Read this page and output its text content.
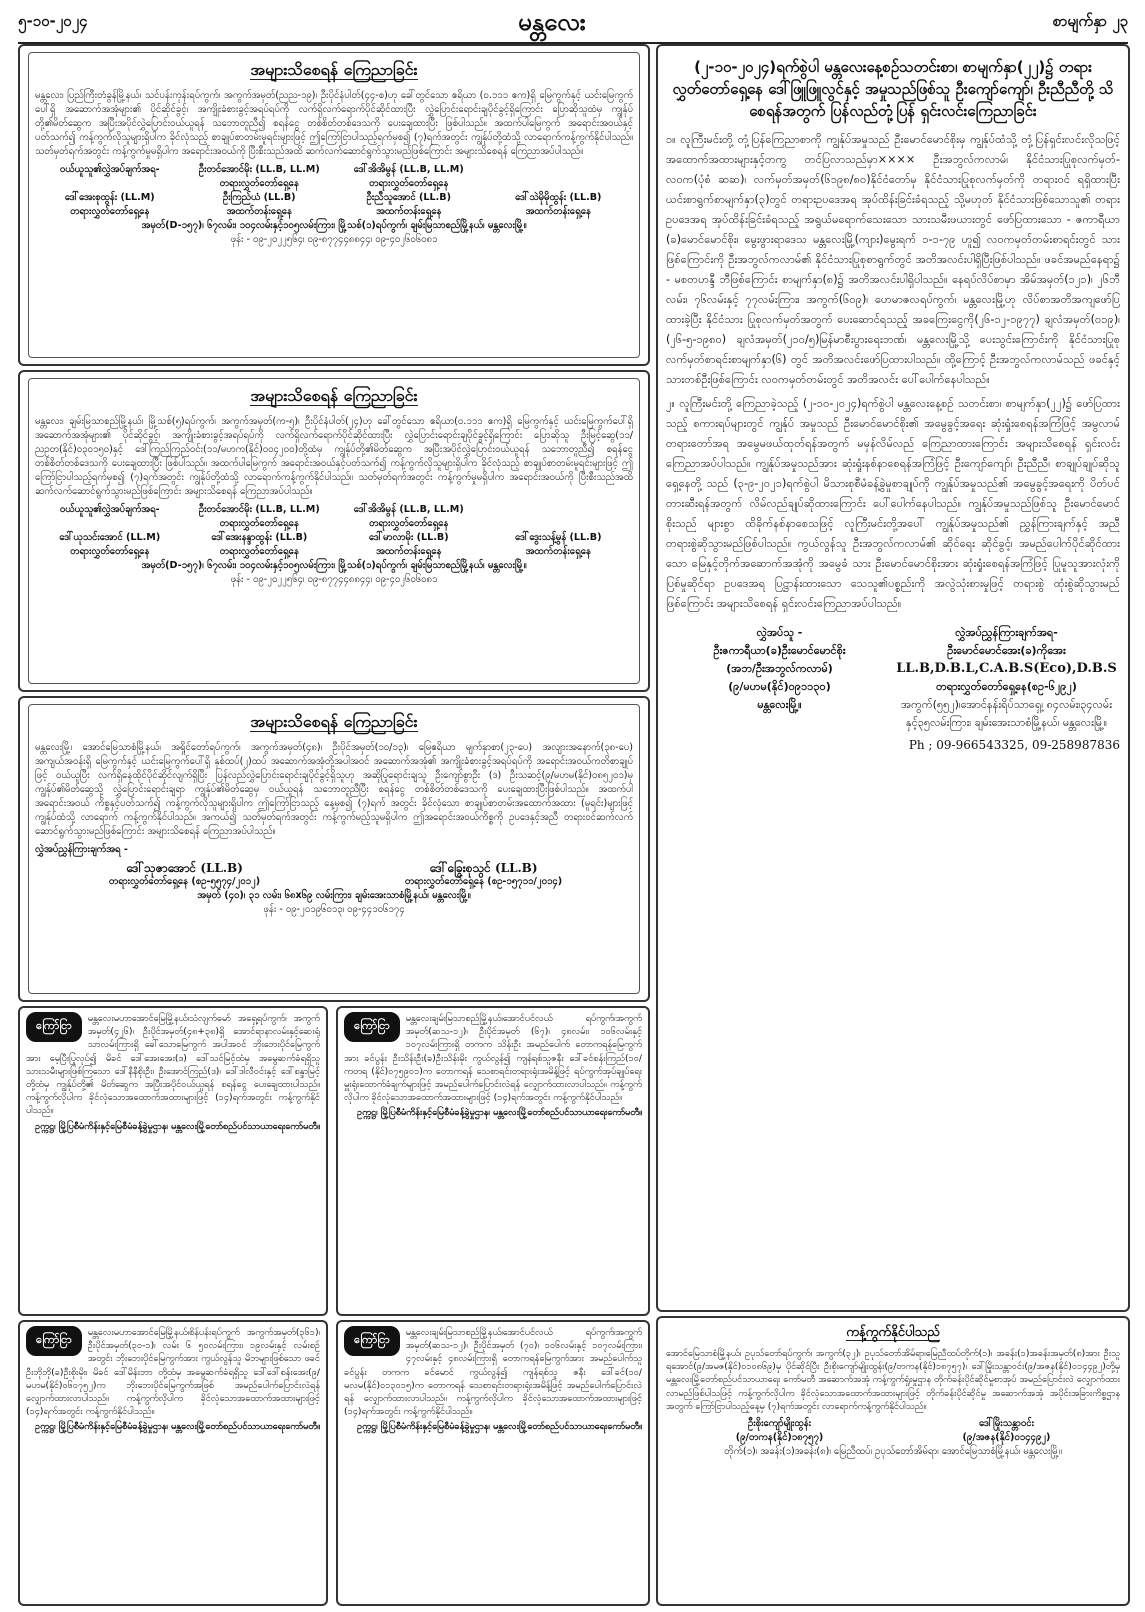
၅-၁၀-၂၀၂၄	မန္တလေး	စာမျက်နှာ ၂၃
အများသိစေရန် ကြေညာခြင်း
မန္တလေး၊ ပြည်ကြီးတံခွန်မြို့နယ်၊ သင်ပန်းကုန်းရပ်ကွက်၊ အကွက်အမှတ်(ညည-၁၉)၊ ဦးပိုင်နံပါတ်(၄၄-စ)ဟု ခေါ်တွင်သော ဧရိယာ (၀.၁၁၁ ဧက)ရှိ မြေကွက်နှင့် ယင်းမြေကွက်ပေါ်ရှိ အဆောက်အအုံများ၏ ပိုင်ဆိုင်ခွင့်၊ အကျိုးခံစားခွင့်အရပ်ရပ်ကို လက်ရှိလက်ရောက်ပိုင်ဆိုင်ထားပြီး လွှဲပြောင်းရောင်းချပိုင်ခွင့်ရှိကြောင်း ပြောဆိုသူထံမှ ကျွန်ုပ်တို့၏မိတ်ဆွေက အပြီးအပိုင်လွှဲပြောင်းဝယ်ယူရန် သဘောတူညီ၍ စရန်ငွေ တစ်စိတ်တစ်ဒေသကို ပေးချေထားပြီး ဖြစ်ပါသည်။ အထက်ပါမြေကွက် အရောင်းအဝယ်နှင့်ပတ်သက်၍ ကန့်ကွက်လိုသူများရှိပါက ခိုင်လုံသည့် စာချုပ်စာတမ်းမူရင်းများဖြင့် ဤကြော်ငြာပါသည့်ရက်မှစ၍ (၇)ရက်အတွင်း ကျွန်ုပ်တို့ထံသို့ လာရောက်ကန့်ကွက်နိုင်ပါသည်။ သတ်မှတ်ရက်အတွင်း ကန့်ကွက်မှုမရှိပါက အရောင်းအဝယ်ကို ပြီးစီးသည်အထိ ဆက်လက်ဆောင်ရွက်သွားမည်ဖြစ်ကြောင်း အများသိစေရန် ကြေညာအပ်ပါသည်။
ဝယ်ယူသူ၏လွှဲအပ်ချက်အရ-	ဦးတင်အောင်မိုး (LL.B, LL.M)	ဒေါ်အိအိမွန် (LL.B, LL.M)
တရားလွှတ်တော်ရှေ့နေ	တရားလွှတ်တော်ရှေ့နေ
ဒေါ်အေးစုထွန်း (LL.M)	ဦးကြည်ယံ (LL.B)	ဦးညီသူအောင် (LL.B)	ဒေါ်သဲမိုမိုထွန်း (LL.B)
တရားလွှတ်တော်ရှေ့နေ	အထက်တန်းရှေ့နေ	အထက်တန်းရှေ့နေ	အထက်တန်းရှေ့နေ
အမှတ်(D-၁၅၇)၊ ၆၇လမ်း၊ ၁၀၄လမ်းနှင့်၁၀၅လမ်းကြား၊ မြို့သစ်(၁)ရပ်ကွက်၊ ချမ်းမြသာစည်မြို့နယ်၊ မန္တလေးမြို့။
ဖုန်း - ၀၉-၂၀၂၂၅၆၄၊ ၀၉-၈၇၇၄၄၈၈၄၄၊ ၀၉-၄၀၂၆၀၆၀၈၁
အများသိစေရန် ကြေညာခြင်း
မန္တလေး၊ ချမ်းမြသာစည်မြို့နယ်၊ မြို့သစ်(၅)ရပ်ကွက်၊ အကွက်အမှတ်(က-၅)၊ ဦးပိုင်နံပါတ်(၂၄)ဟု ခေါ်တွင်သော ဧရိယာ(၀.၁၁၁ ဧက)ရှိ မြေကွက်နှင့် ယင်းမြေကွက်ပေါ်ရှိ အဆောက်အအုံများ၏ ပိုင်ဆိုင်ခွင့်၊ အကျိုးခံစားခွင့်အရပ်ရပ်ကို လက်ရှိလက်ရောက်ပိုင်ဆိုင်ထားပြီး လွှဲပြောင်းရောင်းချပိုင်ခွင့်ရှိကြောင်း ပြောဆိုသူ ဦးမြင့်ဆွေ(၁၁/ညဥတ(နိုင်)၀၃၀၁၅၀)နှင့် ဒေါ်ကြည်ကြည်ဝင်း(၁၁/မဟက(နိုင်)၀၀၄၂၀၀)တို့ထံမှ ကျွန်ုပ်တို့၏မိတ်ဆွေက အပြီးအပိုင်လွှဲပြောင်းဝယ်ယူရန် သဘောတူညီ၍ စရန်ငွေ တစ်စိတ်တစ်ဒေသကို ပေးချေထားပြီး ဖြစ်ပါသည်။ အထက်ပါမြေကွက် အရောင်းအဝယ်နှင့်ပတ်သက်၍ ကန့်ကွက်လိုသူများရှိပါက ခိုင်လုံသည့် စာချုပ်စာတမ်းမူရင်းများဖြင့် ဤကြော်ငြာပါသည့်ရက်မှစ၍ (၇)ရက်အတွင်း ကျွန်ုပ်တို့ထံသို့ လာရောက်ကန့်ကွက်နိုင်ပါသည်။ သတ်မှတ်ရက်အတွင်း ကန့်ကွက်မှုမရှိပါက အရောင်းအဝယ်ကို ပြီးစီးသည်အထိ ဆက်လက်ဆောင်ရွက်သွားမည်ဖြစ်ကြောင်း အများသိစေရန် ကြေညာအပ်ပါသည်။
ဝယ်ယူသူ၏လွှဲအပ်ချက်အရ-	ဦးတင်အောင်မိုး (LL.B, LL.M)	ဒေါ်အိအိမွန် (LL.B, LL.M)
တရားလွှတ်တော်ရှေ့နေ	တရားလွှတ်တော်ရှေ့နေ
ဒေါ်ယုသင်းအောင် (LL.M)	ဒေါ်အေးနန္ဒာထွန်း (LL.B)	ဒေါ်မာလာမိုး (LL.B)	ဒေါ်ဒွေးသန့်မွန် (LL.B)
တရားလွှတ်တော်ရှေ့နေ	တရားလွှတ်တော်ရှေ့နေ	အထက်တန်းရှေ့နေ	အထက်တန်းရှေ့နေ
အမှတ်(D-၁၅၇)၊ ၆၇လမ်း၊ ၁၀၄လမ်းနှင့်၁၀၅လမ်းကြား၊ မြို့သစ်(၁)ရပ်ကွက်၊ ချမ်းမြသာစည်မြို့နယ်၊ မန္တလေးမြို့။
ဖုန်း - ၀၉-၂၀၂၂၅၆၄၊ ၀၉-၈၇၇၄၄၈၈၄၄၊ ၀၉-၄၀၂၆၀၆၀၈၁
အများသိစေရန် ကြေညာခြင်း
မန္တလေးမြို့၊ အောင်မြေသာစံမြို့နယ်၊ အရှိုင်တော်ရပ်ကွက်၊ အကွက်အမှတ်(၄၈)၊ ဦးပိုင်အမှတ်(၁၀/၁၃)၊ မြေဧရိယာ မျက်နှာစာ(၂၃-ပေ) အလျားအနောက်(၃၈-ပေ) အကျယ်အဝန်းရှိ မြေကွက်နှင့် ယင်းမြေကွက်ပေါ်ရှိ နှစ်ထပ်(၂)ထပ် အဆောက်အအုံတို့အပါအဝင် အဆောက်အအုံ၏ အကျိုးခံစားခွင့်အရပ်ရပ်ကို အရောင်းအဝယ်ကတိစာချုပ်ဖြင့် ဝယ်ယူပြီး လက်ရှိနေထိုင်ပိုင်ဆိုင်လျက်ရှိပြီး ပြန်လည်လွှဲပြောင်းရောင်းချပိုင်ခွင့်ရှိသူဟု အဆိုပြုရောင်းချသူ ဦးကျော်စွာဦး (ဒ) ဦးသဆင့်(၉/မဟမ(နိုင်)၀၈၅၂၀၁)မှ ကျွန်ုပ်၏မိတ်ဆွေသို့ လွှဲပြောင်းရောင်းချရာ ကျွန်ုပ်၏မိတ်ဆွေမှ ဝယ်ယူရန် သဘောတူညီပြီး စရန်ငွေ တစ်စိတ်တစ်ဒေသကို ပေးချေထားပြီးဖြစ်ပါသည်။ အထက်ပါ အရောင်းအဝယ် ကိစ္စနှင့်ပတ်သက်၍ ကန့်ကွက်လိုသူများရှိပါက ဤကြော်ငြာသည့် နေ့မှစ၍ (၇)ရက် အတွင်း ခိုင်လုံသော စာချုပ်စာတမ်းအထောက်အထား (မူရင်း)များဖြင့် ကျွန်ုပ်ထံသို့ လာရောက် ကန့်ကွက်နိုင်ပါသည်။ အကယ်၍ သတ်မှတ်ရက်အတွင်း ကန့်ကွက်မည့်သူမရှိပါက ဤအရောင်းအဝယ်ကိစ္စကို ဥပဒေနှင့်အညီ တရားဝင်ဆက်လက် ဆောင်ရွက်သွားမည်ဖြစ်ကြောင်း အများသိစေရန် ကြေညာအပ်ပါသည်။
လွှဲအပ်ညွှန်ကြားချက်အရ -
ဒေါ်သုဇာအောင် (LL.B)
တရားလွှတ်တော်ရှေ့နေ (စဥ-၅၅၇၄/၂၀၁၂)
ဒေါ်ခြွေးစုသွင် (LL.B)
တရားလွှတ်တော်ရှေ့နေ (စဥ-၁၅၇၁၁/၂၀၁၄)
အမှတ် (၄၀)၊ ၃၁ လမ်း၊ ၆၈x၆၉ လမ်းကြား၊ ချမ်းအေးသာစံမြို့နယ်၊ မန္တလေးမြို့။
ဖုန်း - ၀၉-၂၀၁၉၆၀၁၃၊ ၀၉-၄၄၁၀၆၁၇၄
ကြော်ငြာ
မန္တလေးမဟာအောင်မြေမြို့နယ်၊သံလျက်မော် အရှေ့ရပ်ကွက်၊ အကွက်အမှတ်(၄၂၆)၊ ဦးပိုင်အမှတ်(၄၈+၃၈)ရှိ အောင်ရာနာလမ်းနှင့်ဆေးရုံသာလမ်းကြားရှိ ခေါ်သောမြေကွက် အပါအဝင် ဘိုးဘေးပိုင်မြေကွက်အား မေ့ပြီးပြုလုပ်၍ မိခင် ဒေါ်အေးအေး(ဒ) ဒေါ်သင်မြင့်ထံမှ အမွေဆက်ခံရရှိသူ သားသမီးများဖြစ်ကြသော ဒေါ်နီနီစိုးဦး၊ ဦးအောင်ကြည်(ဒ)၊ ဒေါ်ဒါလီဝင်းနှင့် ဒေါ်စန္ဒာမြင့် တို့ထံမှ ကျွန်ုပ်တို့၏ မိတ်ဆွေက အပြီးအပိုင်ဝယ်ယူရန် စရန်ငွေ ပေးချေထားပါသည်။ ကန့်ကွက်လိုပါက ခိုင်လုံသောအထောက်အထားများဖြင့် (၁၄)ရက်အတွင်း ကန့်ကွက်နိုင်ပါသည်။
ဥက္ကဋ္ဌ၊ မြို့ပြစီမံကိန်းနှင့်မြေစီမံခန့်ခွဲမှုဌာန၊ မန္တလေးမြို့တော်စည်ပင်သာယာရေးကော်မတီ။
ကြော်ငြာ
မန္တလေးချမ်းမြသာစည်မြို့နယ်၊အောင်ပင်လယ် ရပ်ကွက်၊အကွက်အမှတ်(ဆသ-၁၂)၊ ဦးပိုင်အမှတ် (၆၇)၊ ၄၈လမ်း၊ ၁၀၆လမ်းနှင့် ၁၀၇လမ်းကြားရှိ တကက သိန်းဦး အမည်ပေါက် တောကရန်မြေကွက်အား ခင်ပွန်း ဦးသိန်းဦး(ခ)ဦးသိန်းမိုး ကွယ်လွန်၍ ကျန်ရစ်သူဇနီး ဒေါ်ခင်စန်းကြည်(၁၀/ကတရ (နိုင်)၀၇၅၉၀၁)က တောကရန် သေစာရင်းတရားရုံးအမိန့်ဖြင့် ရပ်ကွက်အုပ်ချုပ်ရေးမှူးရုံးထောက်ခံချက်များဖြင့် အမည်ပေါက်ပြောင်းလဲရန် လျှောက်ထားလာပါသည်။ ကန့်ကွက်လိုပါက ခိုင်လုံသောအထောက်အထားများဖြင့် (၁၄)ရက်အတွင်း ကန့်ကွက်နိုင်ပါသည်။
ဥက္ကဋ္ဌ၊ မြို့ပြစီမံကိန်းနှင့်မြေစီမံခန့်ခွဲမှုဌာန၊ မန္တလေးမြို့တော်စည်ပင်သာယာရေးကော်မတီ။
ကြော်ငြာ
မန္တလေးမဟာအောင်မြေမြို့နယ်၊စိန်ပန်းရပ်ကွက် အကွက်အမှတ်(၃၆၁)၊ ဦးပိုင်အမှတ်(၃၀-၁)၊ လမ်း ၆ ၅၀လမ်းကြား၊ ၁၉လမ်းနှင့် လမ်းစဉ်အတွင်း ဘိုးဘေးပိုင်မြေကွက်အား ကွယ်လွန်သူ မိဘများဖြစ်သော ဖခင် ဦးဘိုဘို(ခ)ဦးစိုးမိုး၊ မိခင် ဒေါ်မိန်းဘာ တို့ထံမှ အမွေဆက်ခံရရှိသူ ဒေါ်ဒေါ်စန်းအေး(၉/မဟမ(နိုင်)၀၆၀၇၅၂)က ဘိုးဘေးပိုင်မြေကွက်အဖြစ် အမည်ပေါက်ပြောင်းလဲရန် လျှောက်ထားလာပါသည်။ ကန့်ကွက်လိုပါက ခိုင်လုံသောအထောက်အထားများဖြင့် (၁၄)ရက်အတွင်း ကန့်ကွက်နိုင်ပါသည်။
ဥက္ကဋ္ဌ၊ မြို့ပြစီမံကိန်းနှင့်မြေစီမံခန့်ခွဲမှုဌာန၊ မန္တလေးမြို့တော်စည်ပင်သာယာရေးကော်မတီ။
ကြော်ငြာ
မန္တလေးချမ်းမြသာစည်မြို့နယ်၊အောင်ပင်လယ် ရပ်ကွက်၊အကွက်အမှတ်(ဆသ-၁၂)၊ ဦးပိုင်အမှတ် (၇၀)၊ ၁၀၆လမ်းနှင့် ၁၀၇လမ်းကြား၊ ၄၇လမ်းနှင့် ၄၈လမ်းကြားရှိ တောကရန်မြေကွက်အား အမည်ပေါက်သူ ခင်ပွန်း တကက ခင်မောင် ကွယ်လွန်၍ ကျန်ရစ်သူ ဇနီး ဒေါ်ခင်(၁၀/မလမ(နိုင်)၀၁၃၀၁၅)က တောကရန် သေစာရင်းတရားရုံးအမိန့်ဖြင့် အမည်ပေါက်ပြောင်းလဲရန် လျှောက်ထားလာပါသည်။ ကန့်ကွက်လိုပါက ခိုင်လုံသောအထောက်အထားများဖြင့် (၁၄)ရက်အတွင်း ကန့်ကွက်နိုင်ပါသည်။
ဥက္ကဋ္ဌ၊ မြို့ပြစီမံကိန်းနှင့်မြေစီမံခန့်ခွဲမှုဌာန၊ မန္တလေးမြို့တော်စည်ပင်သာယာရေးကော်မတီ။
(၂-၁၀-၂၀၂၄)ရက်စွဲပါ မန္တလေးနေ့စဉ်သတင်းစာ၊ စာမျက်နှာ(၂၂)၌ တရားလွှတ်တော်ရှေ့နေ ဒေါ်ဖြူဖြူလွင်နှင့် အမှုသည်ဖြစ်သူ ဦးကျော်ကျော်၊ ဦးညီညီတို့ သိစေရန်အတွက် ပြန်လည်တုံ့ပြန် ရှင်းလင်းကြေညာခြင်း
၁။ လူကြီးမင်းတို့ တုံ့ပြန်ကြေညာစာကို ကျွန်ုပ်အမှုသည် ဦးမောင်မောင်စိုးမှ ကျွန်ုပ်ထံသို့ တုံ့ပြန်ရှင်းလင်းလိုသဖြင့် အထောက်အထားများနှင့်တကွ တင်ပြလာသည်မှာ×××× ဦးအဘွလ်ကလာမ်၊ နိုင်ငံသားပြုစုလက်မှတ်-လ၀က(ပုံစံ ဆဆ)၊ လက်မှတ်အမှတ်(၆၁၉၈/၈၀)နိုင်ငံတော်မှ နိုင်ငံသားပြုစုလက်မှတ်ကို တရားဝင် ရရှိထားပြီး ယင်းစာရွက်စာမျက်နှာ(၃)တွင် တရားဥပဒေအရ အုပ်ထိန်းခြင်းခံရသည့် သို့မဟုတ် နိုင်ငံသားဖြစ်သောသူ၏ တရားဥပဒေအရ အုပ်ထိန်းခြင်းခံရသည့် အရွယ်မရောက်သေးသော သားသမီးဖယားတွင် ဖော်ပြထားသော - ဇကာရီယာ (ခ)မောင်မောင်စိုး၊ မွေးဖွားရာဒေသ မန္တလေးမြို့(ကျား)မွေးရက် ၁-၁-၇၉ ဟူ၍ လ၀ကမှတ်တမ်းစာရင်းတွင် သားဖြစ်ကြောင်းကို ဦးအဘွလ်ကလာမ်၏ နိုင်ငံသားပြုစုစာရွက်တွင် အတိအလင်းပါရှိပြီးဖြစ်ပါသည်။ ဖခင်အမည်နေရာ၌ - မစတဟန္ဒီ ဘီဖြစ်ကြောင်း စာမျက်နှာ(၈)၌ အတိအလင်းပါရှိပါသည်။ နေရပ်လိပ်စာမှာ အိမ်အမှတ်(၁၂၁)၊ ၂၆ဘီလမ်း၊ ၇၆လမ်းနှင့် ၇၇လမ်းကြား၊ အကွက်(၆၀၉)၊ ဟေမာဇလရပ်ကွက်၊ မန္တလေးမြို့ဟု လိပ်စာအတိအကျဖော်ပြထားခဲ့ပြီး နိုင်ငံသား ပြုစုလက်မှတ်အတွက် ပေးဆောင်ရသည့် အခကြေးငွေကို(၂၆-၁၂-၁၉၇၇) ချလံအမှတ်(၀၁၉)၊ (၂၆-၅-၁၉၈၀) ချလံအမှတ်(၂၁၀/၅)မြန်မာစီးပွားရေးဘဏ်၊ မန္တလေးမြို့သို့ ပေးသွင်းကြောင်းကို နိုင်ငံသားပြုစုလက်မှတ်စာရင်းစာမျက်နှာ(၆) တွင် အတိအလင်းဖော်ပြထားပါသည်။ ထို့ကြောင့် ဦးအဘွလ်ကလာမ်သည် ဖခင်နှင့် သားတစ်ဦးဖြစ်ကြောင်း လ၀ကမှတ်တမ်းတွင် အတိအလင်း ပေါ်ပေါက်နေပါသည်။
၂။ လူကြီးမင်းတို့ ကြေညာခဲ့သည့် (၂-၁၀-၂၀၂၄)ရက်စွဲပါ မန္တလေးနေ့စဉ် သတင်းစာ၊ စာမျက်နှာ(၂၂)၌ ဖော်ပြထားသည့် စကားရပ်များတွင် ကျွန်ုပ် အမှုသည် ဦးမောင်မောင်စိုး၏ အမွေခွင့်အရေး ဆုံးရှုံးစေရန်အကြံဖြင့် အမွလာမ် တရားတော်အရ အမွေမဖယ်ထုတ်ရန်အတွက် မမှန်လိမ်လည် ကြေညာထားကြောင်း အများသိစေရန် ရှင်းလင်းကြေညာအပ်ပါသည်။ ကျွန်ုပ်အမှုသည်အား ဆုံးရှုံးနစ်နာစေရန်အကြံဖြင့် ဦးကျော်ကျော်၊ ဦးညီညီ၊ စာချုပ်ချုပ်ဆိုသူ ရှေ့နေတို့ သည် (၃-၉-၂၀၂၁)ရက်စွဲပါ မိသားစုစီမံခန့်ခွဲမှုစာချုပ်ကို ကျွန်ုပ်အမှုသည်၏ အမွေခွင့်အရေးကို ပိတ်ပင်တားဆီးရန်အတွက် လိမ်လည်ချုပ်ဆိုထားကြောင်း ပေါ်ပေါက်နေပါသည်။ ကျွန်ုပ်အမှုသည်ဖြစ်သူ ဦးမောင်မောင်စိုးသည် များစွာ ထိခိုက်နစ်နာစေသဖြင့် လူကြီးမင်းတို့အပေါ် ကျွန်ုပ်အမှုသည်၏ ညွှန်ကြားချက်နှင့် အညီ တရားစွဲဆိုသွားမည်ဖြစ်ပါသည်။ ကွယ်လွန်သူ ဦးအဘွလ်ကလာမ်၏ ဆိုင်ရေး ဆိုင်ခွင့်၊ အမည်ပေါက်ပိုင်ဆိုင်ထားသော မြေနှင့်တိုက်အဆောက်အအုံကို အမွေခံ သား ဦးမောင်မောင်စိုးအား ဆုံးရှုံးစေရန်အကြံဖြင့် ပြုမူသူအားလုံးကို ပြစ်မှုဆိုင်ရာ ဥပဒေအရ ပြဋ္ဌာန်းထားသော သေသူ၏ပစ္စည်းကို အလွဲသုံးစားမှုဖြင့် တရားစွဲ ထုံးစွဲဆိုသွားမည်ဖြစ်ကြောင်း အများသိစေရန် ရှင်းလင်းကြေညာအပ်ပါသည်။
လွှဲအပ်သူ -
ဦးဇကာရီယာ(ခ)ဦးမောင်မောင်စိုး
(အဘ/ဦးအဘွလ်ကလာမ်)
(၉/မဟမ(နိုင်)၀၉၁၁၃၀)
မန္တလေးမြို့။
လွှဲအပ်ညွှန်ကြားချက်အရ-
ဦးမောင်မောင်အေး(ခ)ကိုအေး
LL.B,D.B.L,C.A.B.S(Eco),D.B.S
တရားလွှတ်တော်ရှေ့နေ(စဥ-၆၂၉၂)
အကွက်(၅၅၂)၊အောင်နန်းရိပ်သာရှေ့၊ ၈၄လမ်း၊၃၄လမ်းနှင့်၃၅လမ်းကြား၊ ချမ်းအေးသာစံမြို့နယ်၊ မန္တလေးမြို့။
Ph ; 09-966543325, 09-258987836
ကန့်ကွက်နိုင်ပါသည်
အောင်မြေသာစံမြို့နယ်၊ ဥပုသ်တော်ရပ်ကွက်၊ အကွက်(၃၂)၊ ဥပုသ်တော်အိမ်ရာ၊မြေညီထပ်တိုက်(၁)၊ အခန်း(၁)အခန်းအမှတ်(၈)အား ဦးသူရအောင်(၉/အမဇ(နိုင်)၀၁၀၈၆၉)မှ ပိုင်ဆိုင်ပြီး ဦးစိုးကျော်မျိုးထွန်း(၉/တကန(နိုင်)၁၈၇၅၇)၊ ဒေါ်မြိုးသန္တာဝင်း(၉/အဇန(နိုင်)၀၁၄၄၉၂)တို့မှ မန္တလေးမြို့တော်စည်ပင်သာယာရေး ကော်မတီ အဆောက်အအုံ ကန့်ကွက်ရှုံးမှုဌာန တိုက်ခန်းပိုင်ဆိုင်မှုစာအုပ် အမည်ပြောင်းလဲ လျှောက်ထားလာမည်ဖြစ်ပါသဖြင့် ကန့်ကွက်လိုပါက ခိုင်လုံသောအထောက်အထားများဖြင့် တိုက်ခန်းပိုင်ဆိုင်မှု အဆောက်အအုံ အပိုင်းအခြားကိစ္စဌာန အတွက် ကြော်ငြာပါသည့်နေ့မှ (၇)ရက်အတွင်း လာရောက်ကန့်ကွက်နိုင်ပါသည်။
ဦးစိုးကျော်မျိုးထွန်း
(၉/တကန(နိုင်)၁၈၇၅၇)
ဒေါ်မြိုးသန္တာဝင်း
(၉/အဇန(နိုင်)၀၁၄၄၉၂)
တိုက်(၁)၊ အခန်း(၁)အခန်း(၈)၊ မြေညီထပ်၊ ဥပုသ်တော်အိမ်ရာ၊ အောင်မြေသာစံမြို့နယ်၊ မန္တလေးမြို့။
